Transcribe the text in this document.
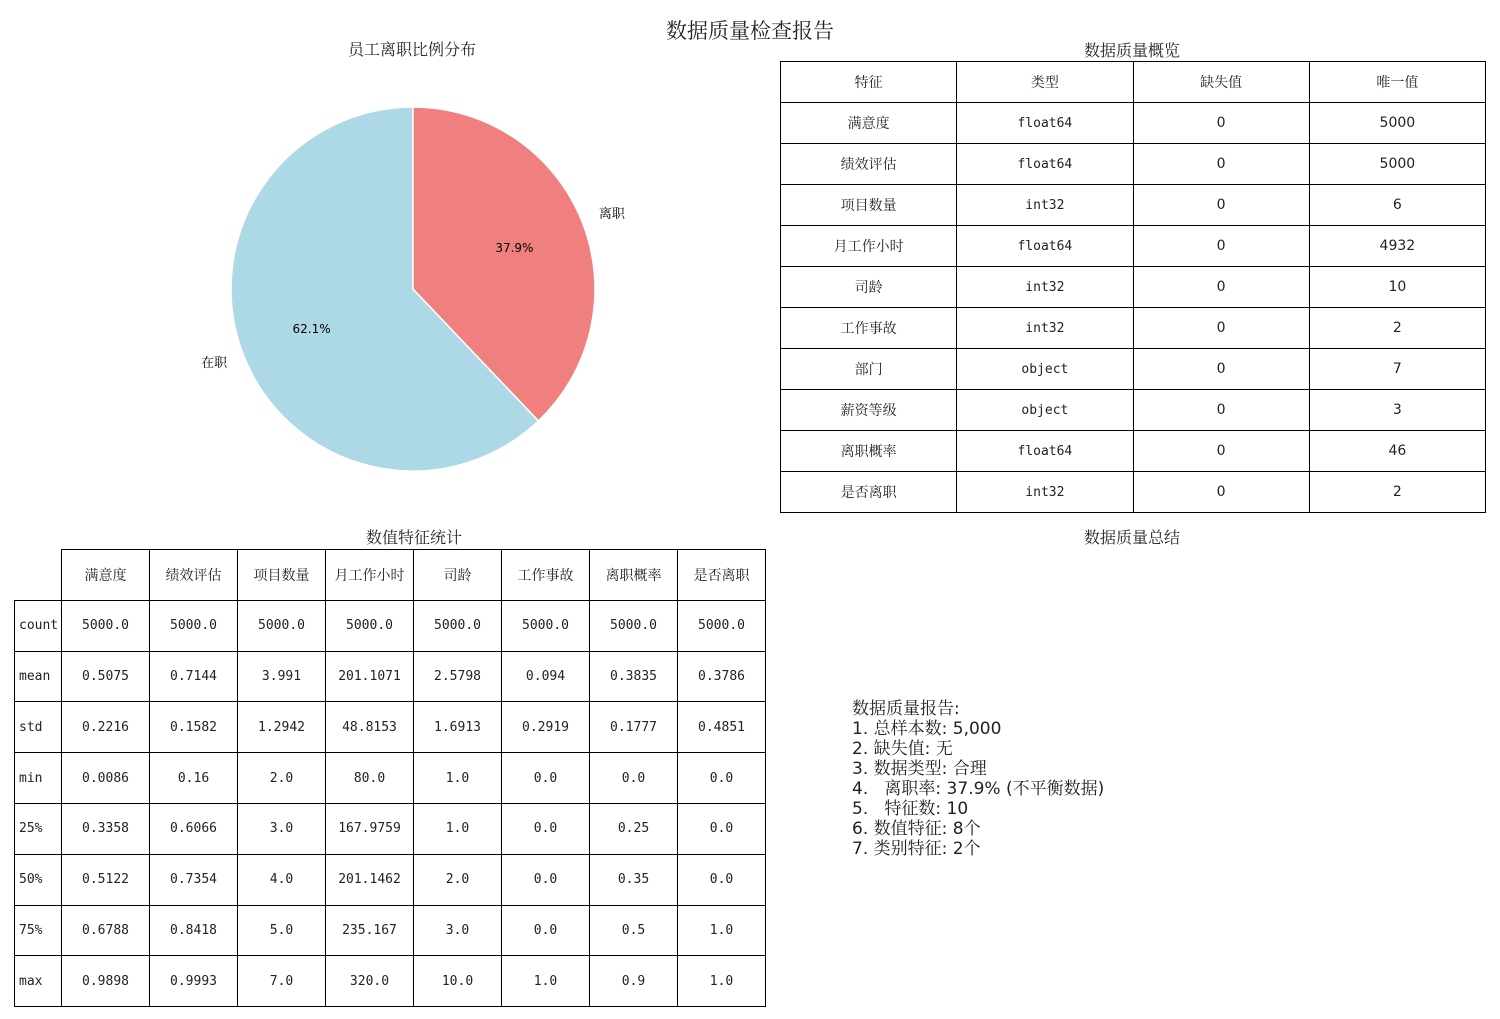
数据质量检查报告
员工离职比例分布
62.1%
在职
37.9%
离职
数据质量概览
特征	类型	缺失值	唯一值
满意度	float64	0	5000
绩效评估	float64	0	5000
项目数量	int32	0	6
月工作小时	float64	0	4932
司龄	int32	0	10
工作事故	int32	0	2
部门	object	0	7
薪资等级	object	0	3
离职概率	float64	0	46
是否离职	int32	0	2
数值特征统计
	满意度	绩效评估	项目数量	月工作小时	司龄	工作事故	离职概率	是否离职
count	5000.0	5000.0	5000.0	5000.0	5000.0	5000.0	5000.0	5000.0
mean	0.5075	0.7144	3.991	201.1071	2.5798	0.094	0.3835	0.3786
std	0.2216	0.1582	1.2942	48.8153	1.6913	0.2919	0.1777	0.4851
min	0.0086	0.16	2.0	80.0	1.0	0.0	0.0	0.0
25%	0.3358	0.6066	3.0	167.9759	1.0	0.0	0.25	0.0
50%	0.5122	0.7354	4.0	201.1462	2.0	0.0	0.35	0.0
75%	0.6788	0.8418	5.0	235.167	3.0	0.0	0.5	1.0
max	0.9898	0.9993	7.0	320.0	10.0	1.0	0.9	1.0
数据质量总结
数据质量报告:
1. 总样本数: 5,000
2. 缺失值: 无
3. 数据类型: 合理
4.   离职率: 37.9% (不平衡数据)
5.   特征数: 10
6. 数值特征: 8个
7. 类别特征: 2个
